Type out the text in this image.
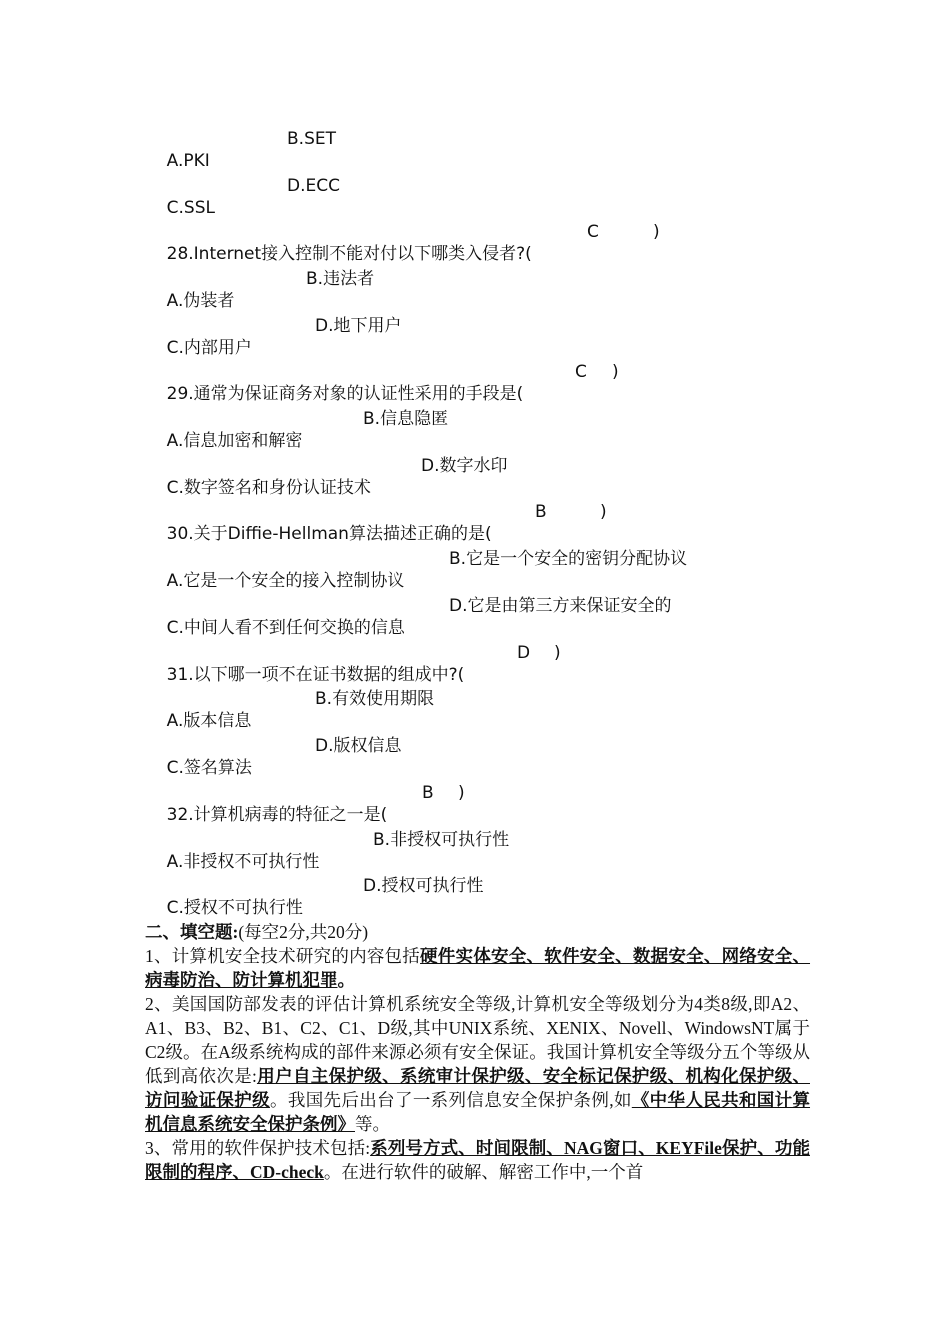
A.PKI

B.SET

C.SSL

D.ECC

28.Internet接入控制不能对付以下哪类入侵者?(
C	)

A.伪装者

B.违法者

C.内部用户

D.地下用户

29.通常为保证商务对象的认证性采用的手段是(
C )

A.信息加密和解密

B.信息隐匿

C.数字签名和身份认证技术

D.数字水印

30.关于Diffie-Hellman算法描述正确的是(
B	)

A.它是一个安全的接入控制协议

B.它是一个安全的密钥分配协议

C.中间人看不到任何交换的信息

D.它是由第三方来保证安全的

31.以下哪一项不在证书数据的组成中?(
D )

A.版本信息

B.有效使用期限

C.签名算法

D.版权信息

32.计算机病毒的特征之一是(
B )

A.非授权不可执行性

B.非授权可执行性

C.授权不可执行性

D.授权可执行性

二、填空题:(每空2分,共20分)

1、计算机安全技术研究的内容包括硬件实体安全、软件安全、数据安全、网络安全、病毒防治、防计算机犯罪。

2、美国国防部发表的评估计算机系统安全等级,计算机安全等级划分为4类8级,即A2、A1、B3、B2、B1、C2、C1、D级,其中UNIX系统、XENIX、Novell、WindowsNT属于C2级。在A级系统构成的部件来源必须有安全保证。我国计算机安全等级分五个等级从低到高依次是:用户自主保护级、系统审计保护级、安全标记保护级、机构化保护级、访问验证保护级。我国先后出台了一系列信息安全保护条例,如《中华人民共和国计算机信息系统安全保护条例》等。

3、常用的软件保护技术包括:系列号方式、时间限制、NAG窗口、KEYFile保护、功能限制的程序、CD-check。在进行软件的破解、解密工作中,一个首
